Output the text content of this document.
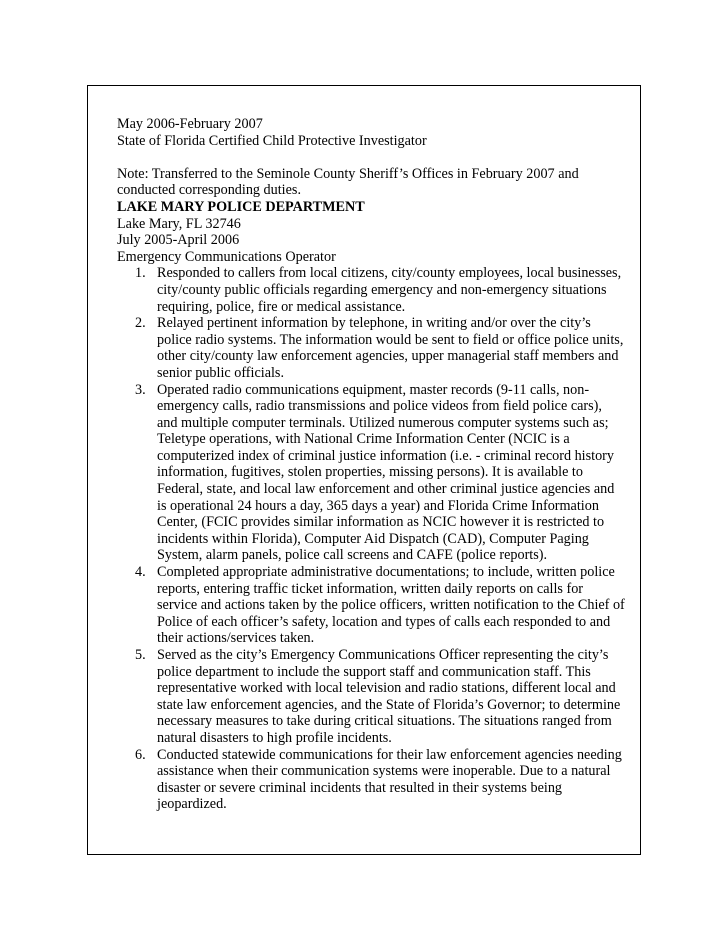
May 2006-February 2007

State of Florida Certified Child Protective Investigator

Note: Transferred to the Seminole County Sheriff’s Offices in February 2007 and conducted corresponding duties.

LAKE MARY POLICE DEPARTMENT

Lake Mary, FL 32746

July 2005-April 2006

Emergency Communications Operator

1. Responded to callers from local citizens, city/county employees, local businesses, city/county public officials regarding emergency and non-emergency situations requiring, police, fire or medical assistance.
2. Relayed pertinent information by telephone, in writing and/or over the city’s police radio systems. The information would be sent to field or office police units, other city/county law enforcement agencies, upper managerial staff members and senior public officials.
3. Operated radio communications equipment, master records (9-11 calls, non-emergency calls, radio transmissions and police videos from field police cars), and multiple computer terminals. Utilized numerous computer systems such as; Teletype operations, with National Crime Information Center (NCIC is a computerized index of criminal justice information (i.e. - criminal record history information, fugitives, stolen properties, missing persons). It is available to Federal, state, and local law enforcement and other criminal justice agencies and is operational 24 hours a day, 365 days a year) and Florida Crime Information Center, (FCIC provides similar information as NCIC however it is restricted to incidents within Florida), Computer Aid Dispatch (CAD), Computer Paging System, alarm panels, police call screens and CAFE (police reports).
4. Completed appropriate administrative documentations; to include, written police reports, entering traffic ticket information, written daily reports on calls for service and actions taken by the police officers, written notification to the Chief of Police of each officer’s safety, location and types of calls each responded to and their actions/services taken.
5. Served as the city’s Emergency Communications Officer representing the city’s police department to include the support staff and communication staff. This representative worked with local television and radio stations, different local and state law enforcement agencies, and the State of Florida’s Governor; to determine necessary measures to take during critical situations. The situations ranged from natural disasters to high profile incidents.
6. Conducted statewide communications for their law enforcement agencies needing assistance when their communication systems were inoperable. Due to a natural disaster or severe criminal incidents that resulted in their systems being jeopardized.
